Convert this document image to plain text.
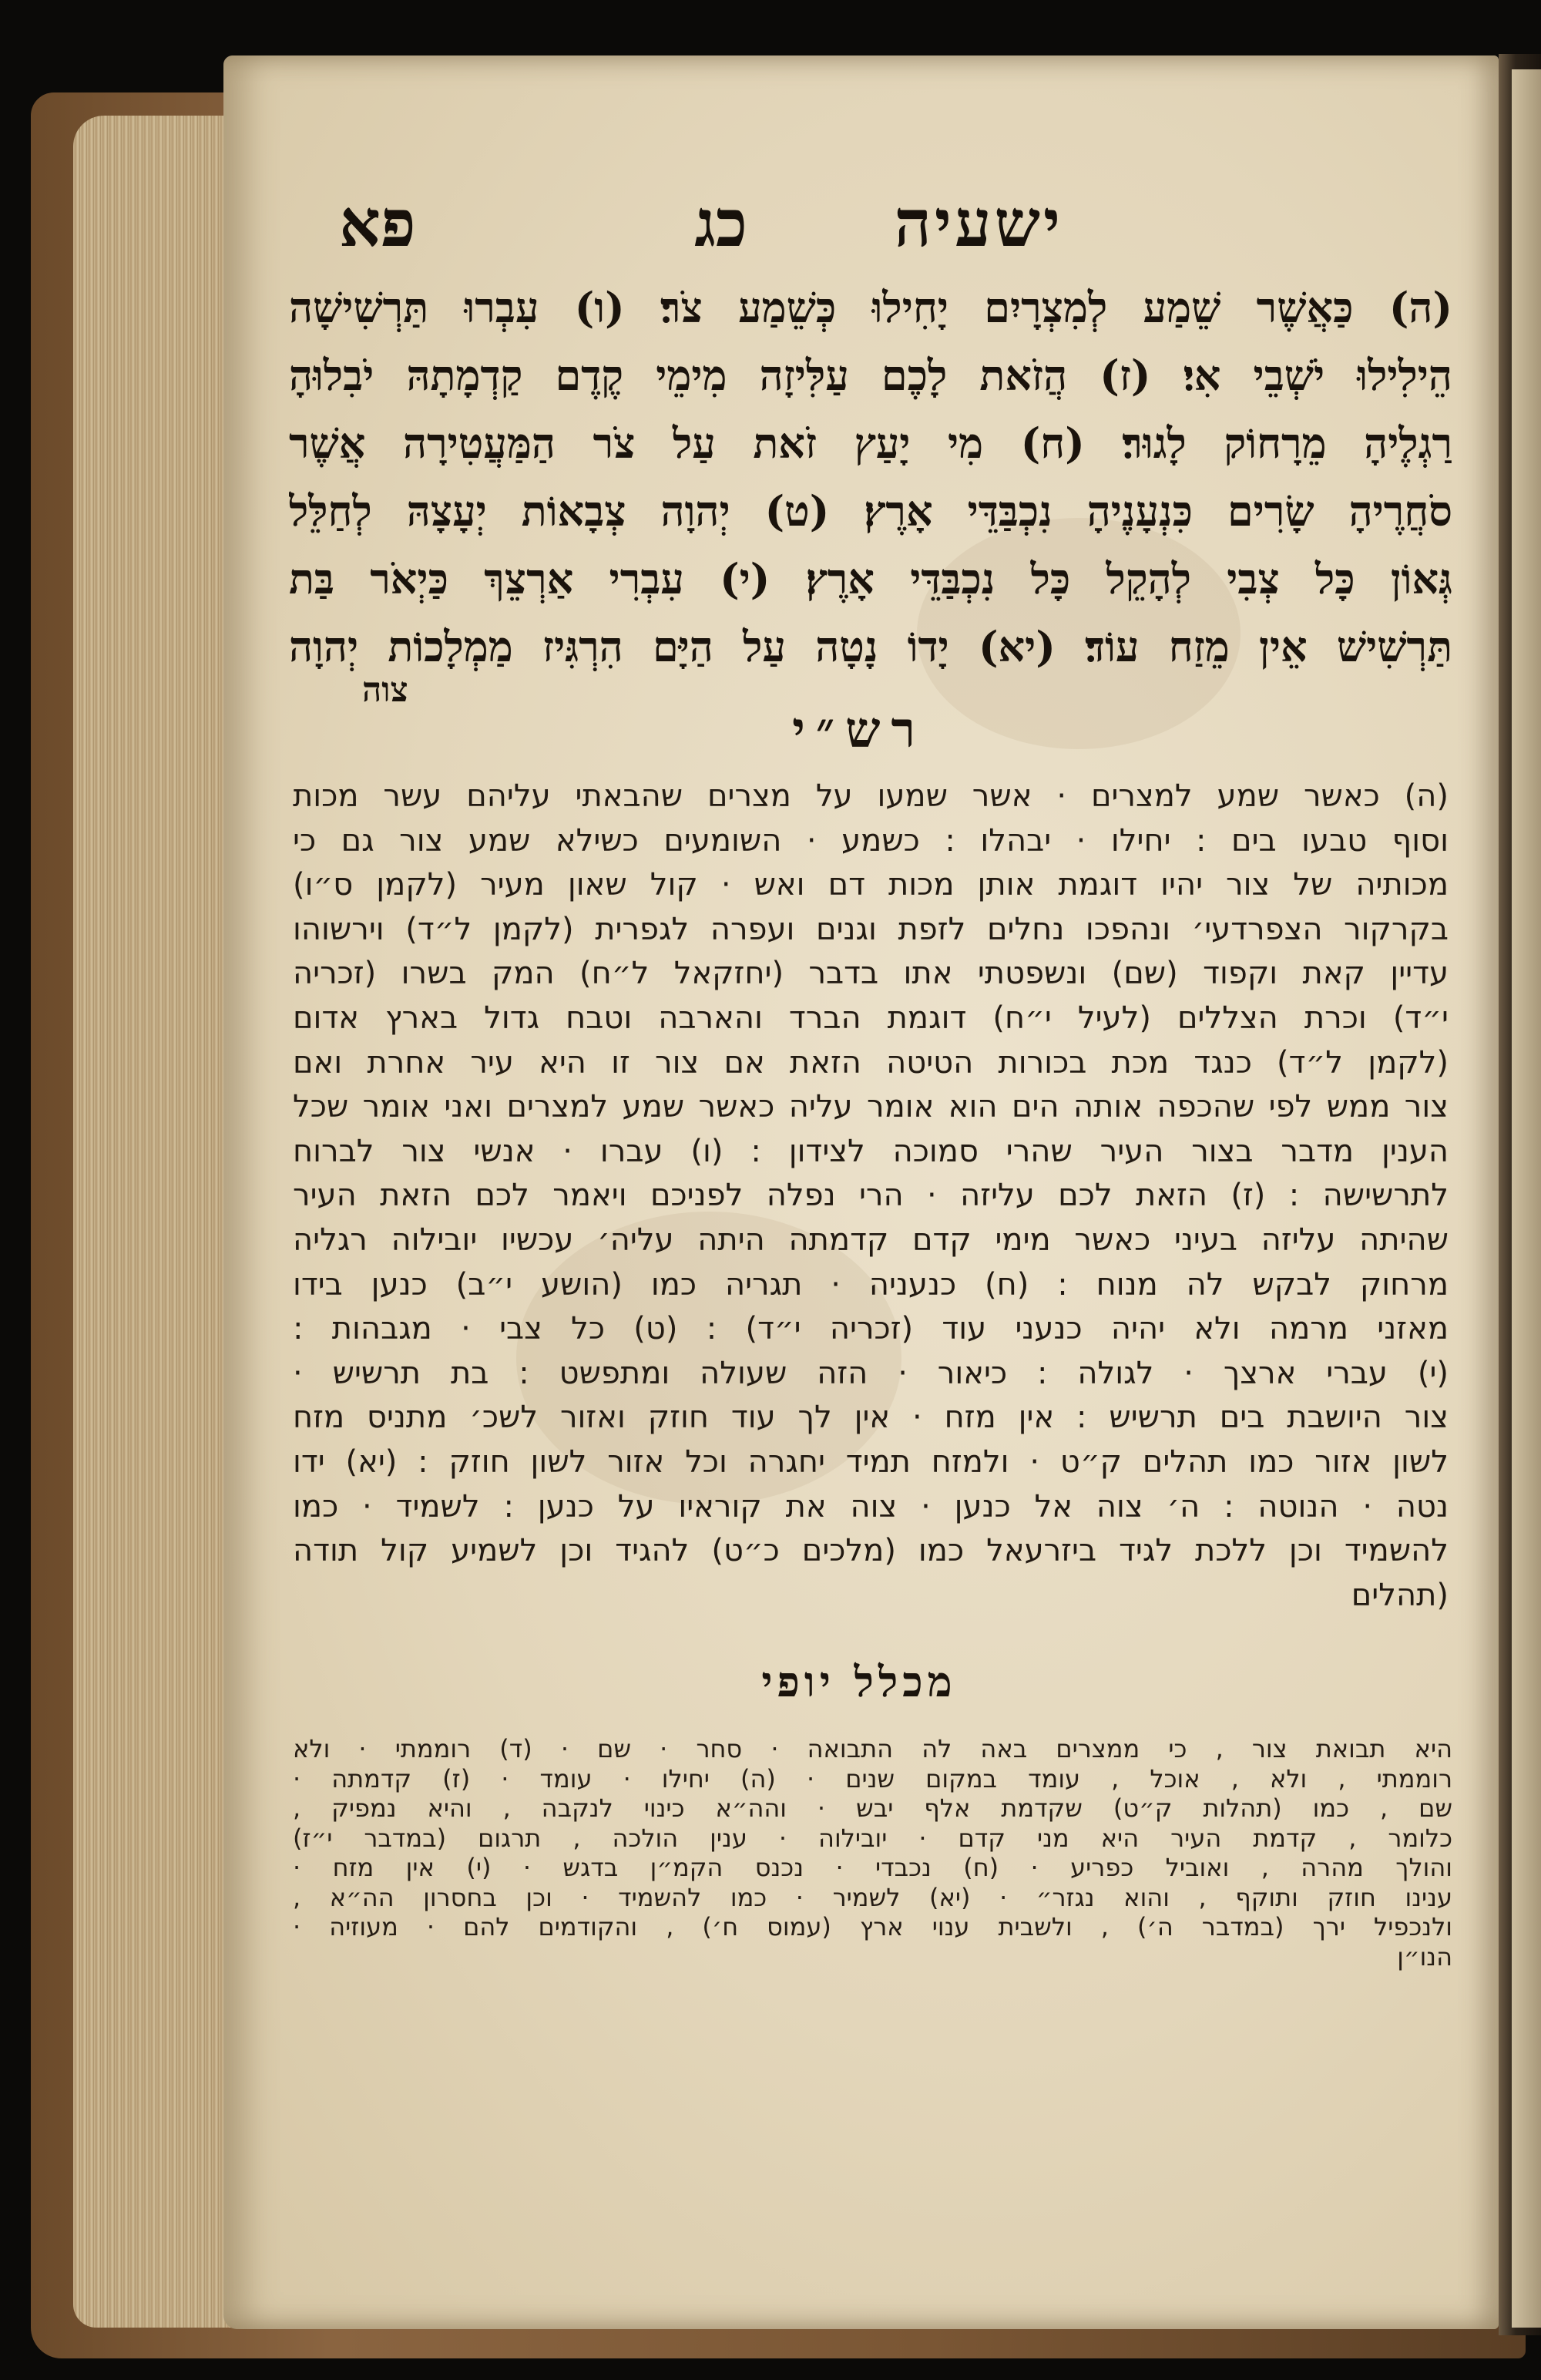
ישעיה
כג
פא
(ה) כַּאֲשֶׁר שֵׁמַע לְמִצְרָיִם יָחִילוּ כְּשֵׁמַע צֹר׃ (ו) עִבְרוּ תַּרְשִׁישָׁה
הֵילִילוּ יֹשְׁבֵי אִי׃ (ז) הֲזֹאת לָכֶם עַלִּיזָה מִימֵי קֶדֶם קַדְמָתָהּ יֹבִלוּהָ
רַגְלֶיהָ מֵרָחוֹק לָגוּר׃ (ח) מִי יָעַץ זֹאת עַל צֹר הַמַּעֲטִירָה אֲשֶׁר
סֹחֲרֶיהָ שָׂרִים כִּנְעָנֶיהָ נִכְבַּדֵּי אָרֶץ׃ (ט) יְהוָה צְבָאוֹת יְעָצָהּ לְחַלֵּל
גְּאוֹן כָּל צְבִי לְהָקֵל כָּל נִכְבַּדֵּי אָרֶץ׃ (י) עִבְרִי אַרְצֵךְ כַּיְאֹר בַּת
תַּרְשִׁישׁ אֵין מֵזַח עוֹד׃ (יא) יָדוֹ נָטָה עַל הַיָּם הִרְגִּיז מַמְלָכוֹת יְהוָה
צוה
רש״י
(ה) כאשר שמע למצרים · אשר שמעו על מצרים שהבאתי עליהם עשר מכות
וסוף טבעו בים : יחילו · יבהלו : כשמע · השומעים כשילא שמע צור גם כי
מכותיה של צור יהיו דוגמת אותן מכות דם ואש · קול שאון מעיר (לקמן ס״ו)
בקרקור הצפרדעי׳ ונהפכו נחלים לזפת וגנים ועפרה לגפרית (לקמן ל״ד) וירשוהו
עדיין קאת וקפוד (שם) ונשפטתי אתו בדבר (יחזקאל ל״ח) המק בשרו (זכריה
י״ד) וכרת הצללים (לעיל י״ח) דוגמת הברד והארבה וטבח גדול בארץ אדום
(לקמן ל״ד) כנגד מכת בכורות הטיטה הזאת אם צור זו היא עיר אחרת ואם
צור ממש לפי שהכפה אותה הים הוא אומר עליה כאשר שמע למצרים ואני אומר שכל
הענין מדבר בצור העיר שהרי סמוכה לצידון : (ו) עברו · אנשי צור לברוח
לתרשישה : (ז) הזאת לכם עליזה · הרי נפלה לפניכם ויאמר לכם הזאת העיר
שהיתה עליזה בעיני כאשר מימי קדם קדמתה היתה עליה׳ עכשיו יובילוה רגליה
מרחוק לבקש לה מנוח : (ח) כנעניה · תגריה כמו (הושע י״ב) כנען בידו
מאזני מרמה ולא יהיה כנעני עוד (זכריה י״ד) : (ט) כל צבי · מגבהות :
(י) עברי ארצך · לגולה : כיאור · הזה שעולה ומתפשט : בת תרשיש ·
צור היושבת בים תרשיש : אין מזח · אין לך עוד חוזק ואזור לשכ׳ מתניס מזח
לשון אזור כמו תהלים ק״ט · ולמזח תמיד יחגרה וכל אזור לשון חוזק : (יא) ידו
נטה · הנוטה : ה׳ צוה אל כנען · צוה את קוראיו על כנען : לשמיד · כמו
להשמיד וכן ללכת לגיד ביזרעאל כמו (מלכים כ״ט) להגיד וכן לשמיע קול תודה
(תהלים
מכלל יופי
היא תבואת צור , כי ממצרים באה לה התבואה · סחר · שם · (ד) רוממתי · ולא
רוממתי , ולא , אוכל , עומד במקום שנים · (ה) יחילו · עומד · (ז) קדמתה ·
שם , כמו (תהלות ק״ט) שקדמת אלף יבש · והה״א כינוי לנקבה , והיא נמפיק ,
כלומר , קדמת העיר היא מני קדם · יובילוה · ענין הולכה , תרגום (במדבר י״ז)
והולך מהרה , ואוביל כפריע · (ח) נכבדי · נכנס הקמ״ן בדגש · (י) אין מזח ·
ענינו חוזק ותוקף , והוא נגזר״ · (יא) לשמיר · כמו להשמיד · וכן בחסרון הה״א ,
ולנכפיל ירך (במדבר ה׳) , ולשבית ענוי ארץ (עמוס ח׳) , והקודמים להם · מעוזיה ·
הנו״ן
